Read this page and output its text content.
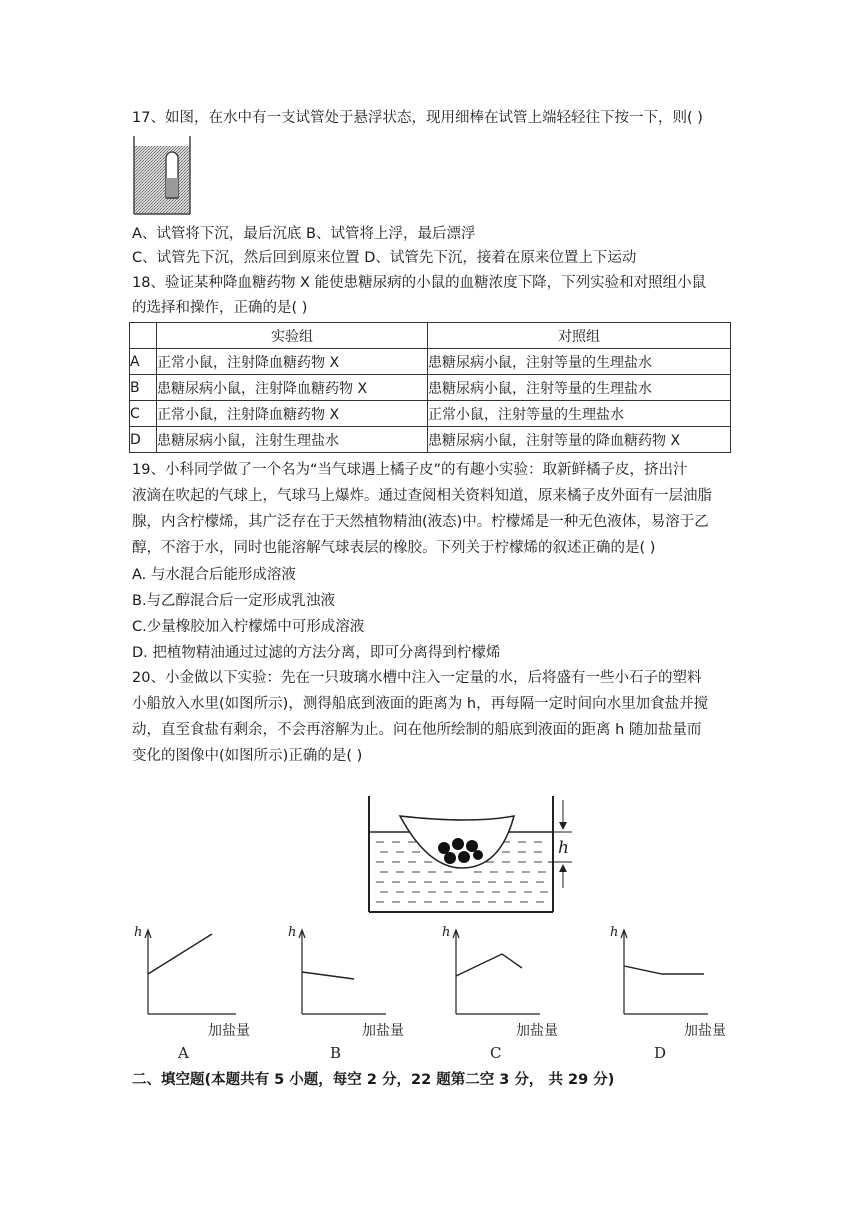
17、如图，在水中有一支试管处于悬浮状态，现用细棒在试管上端轻轻往下按一下，则( )
A、试管将下沉，最后沉底 B、试管将上浮，最后漂浮
C、试管先下沉，然后回到原来位置 D、试管先下沉，接着在原来位置上下运动
18、验证某种降血糖药物 X 能使患糖尿病的小鼠的血糖浓度下降，下列实验和对照组小鼠
的选择和操作，正确的是( )
	实验组	对照组
A	正常小鼠，注射降血糖药物 X	患糖尿病小鼠，注射等量的生理盐水
B	患糖尿病小鼠，注射降血糖药物 X	患糖尿病小鼠，注射等量的生理盐水
C	正常小鼠，注射降血糖药物 X	正常小鼠，注射等量的生理盐水
D	患糖尿病小鼠，注射生理盐水	患糖尿病小鼠，注射等量的降血糖药物 X
19、小科同学做了一个名为“当气球遇上橘子皮”的有趣小实验：取新鲜橘子皮，挤出汁
液滴在吹起的气球上，气球马上爆炸。通过查阅相关资料知道，原来橘子皮外面有一层油脂
腺，内含柠檬烯，其广泛存在于天然植物精油(液态)中。柠檬烯是一种无色液体，易溶于乙
醇，不溶于水，同时也能溶解气球表层的橡胶。下列关于柠檬烯的叙述正确的是( )
A. 与水混合后能形成溶液
B.与乙醇混合后一定形成乳浊液
C.少量橡胶加入柠檬烯中可形成溶液
D. 把植物精油通过过滤的方法分离，即可分离得到柠檬烯
20、小金做以下实验：先在一只玻璃水槽中注入一定量的水，后将盛有一些小石子的塑料
小船放入水里(如图所示)，测得船底到液面的距离为 h，再每隔一定时间向水里加食盐并搅
动，直至食盐有剩余，不会再溶解为止。问在他所绘制的船底到液面的距离 h 随加盐量而
变化的图像中(如图所示)正确的是( )
h
h
加盐量
A
h
加盐量
B
h
加盐量
C
h
加盐量
D
二、填空题(本题共有 5 小题，每空 2 分，22 题第二空 3 分， 共 29 分)
